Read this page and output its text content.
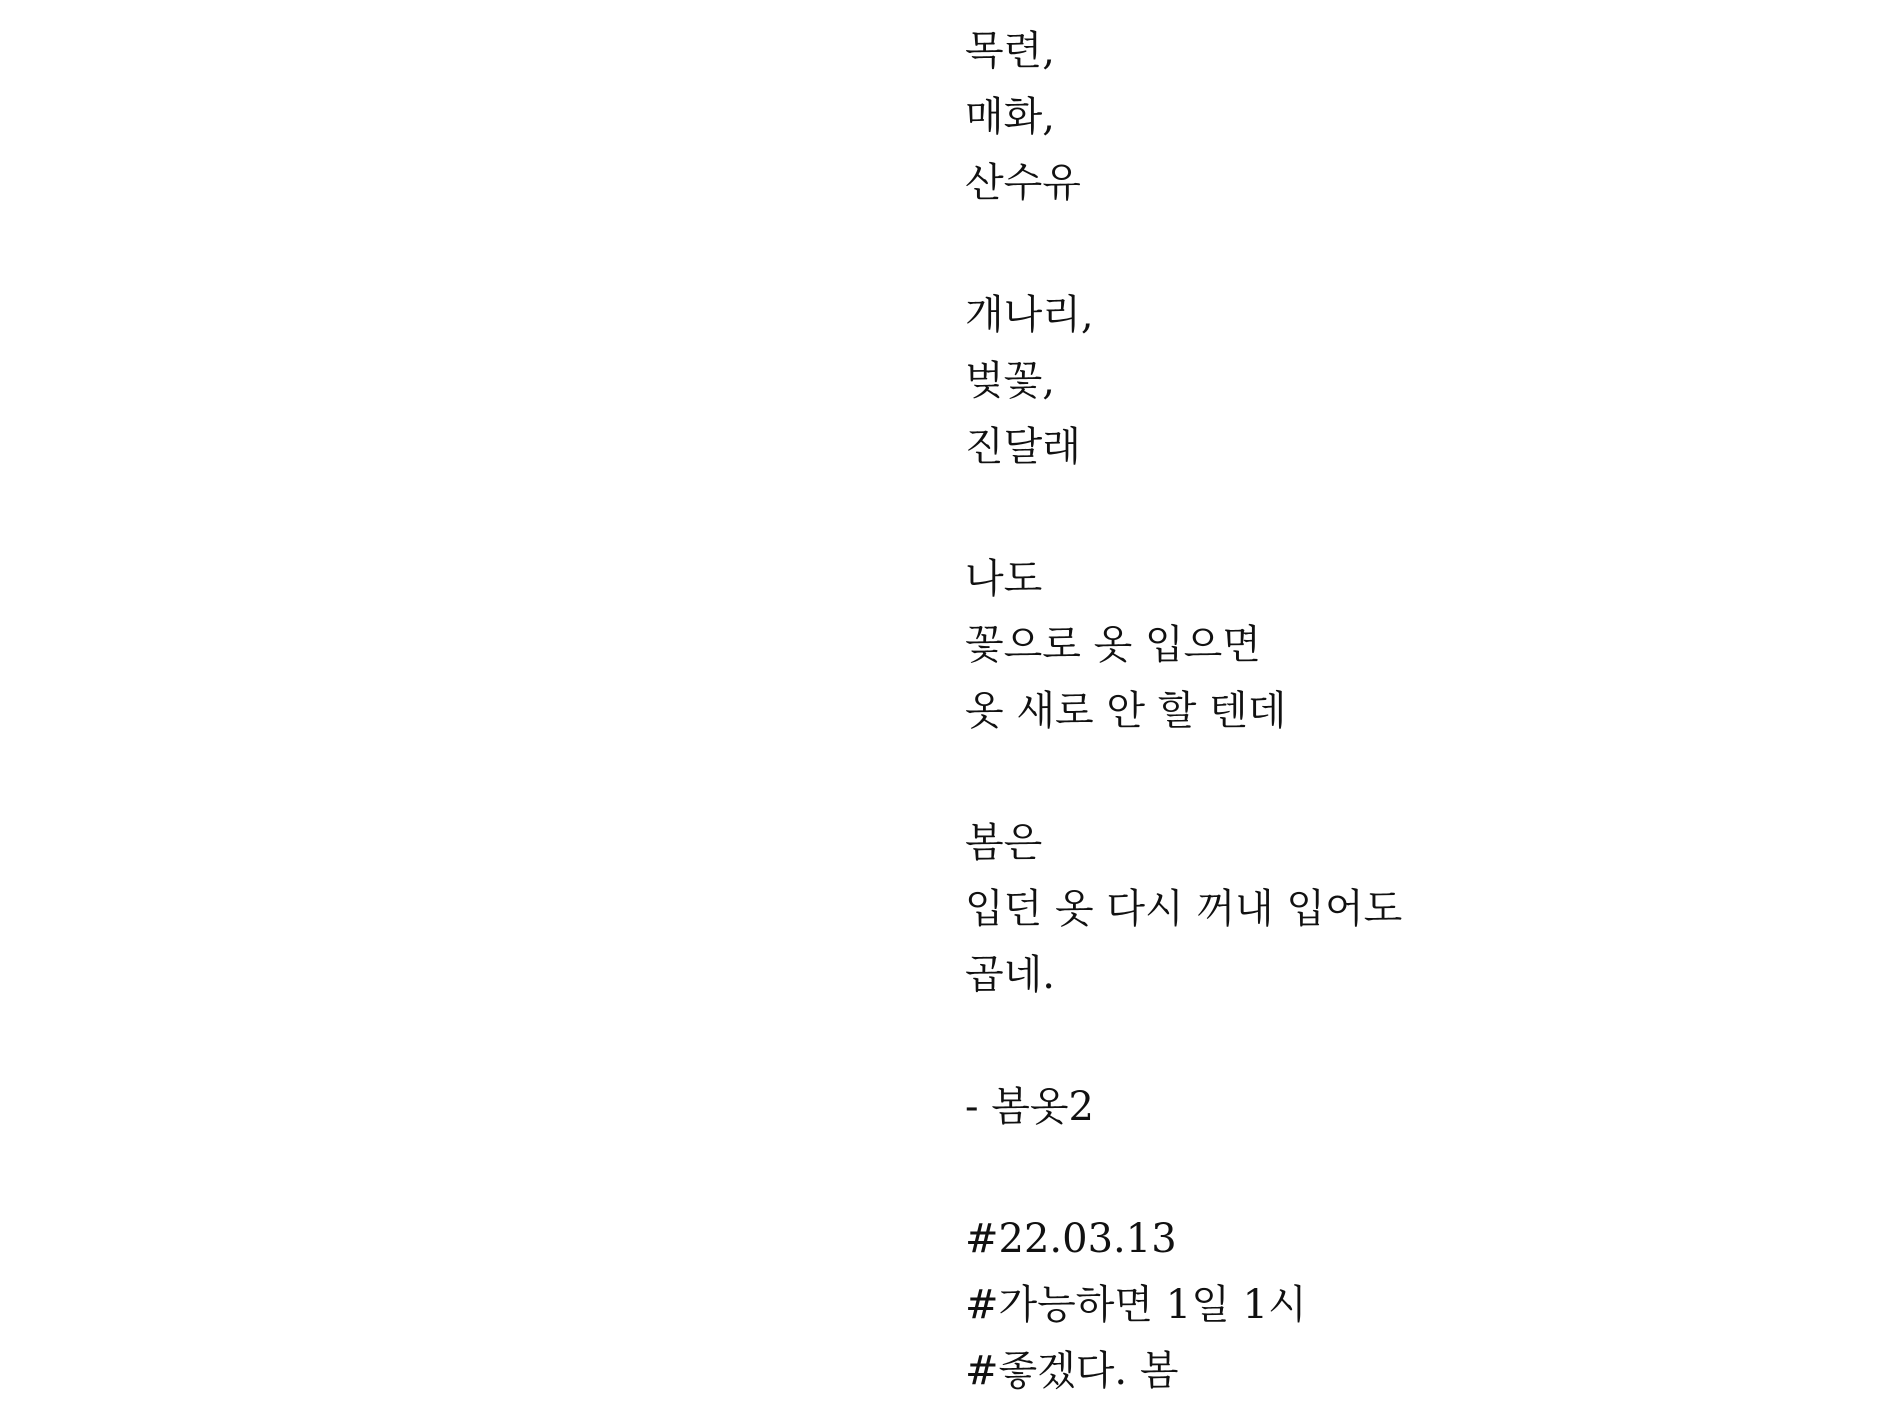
목련,
매화,
산수유
개나리,
벚꽃,
진달래
나도
꽃으로 옷 입으면
옷 새로 안 할 텐데
봄은
입던 옷 다시 꺼내 입어도
곱네.
- 봄옷2
#22.03.13
#가능하면 1일 1시
#좋겠다. 봄
